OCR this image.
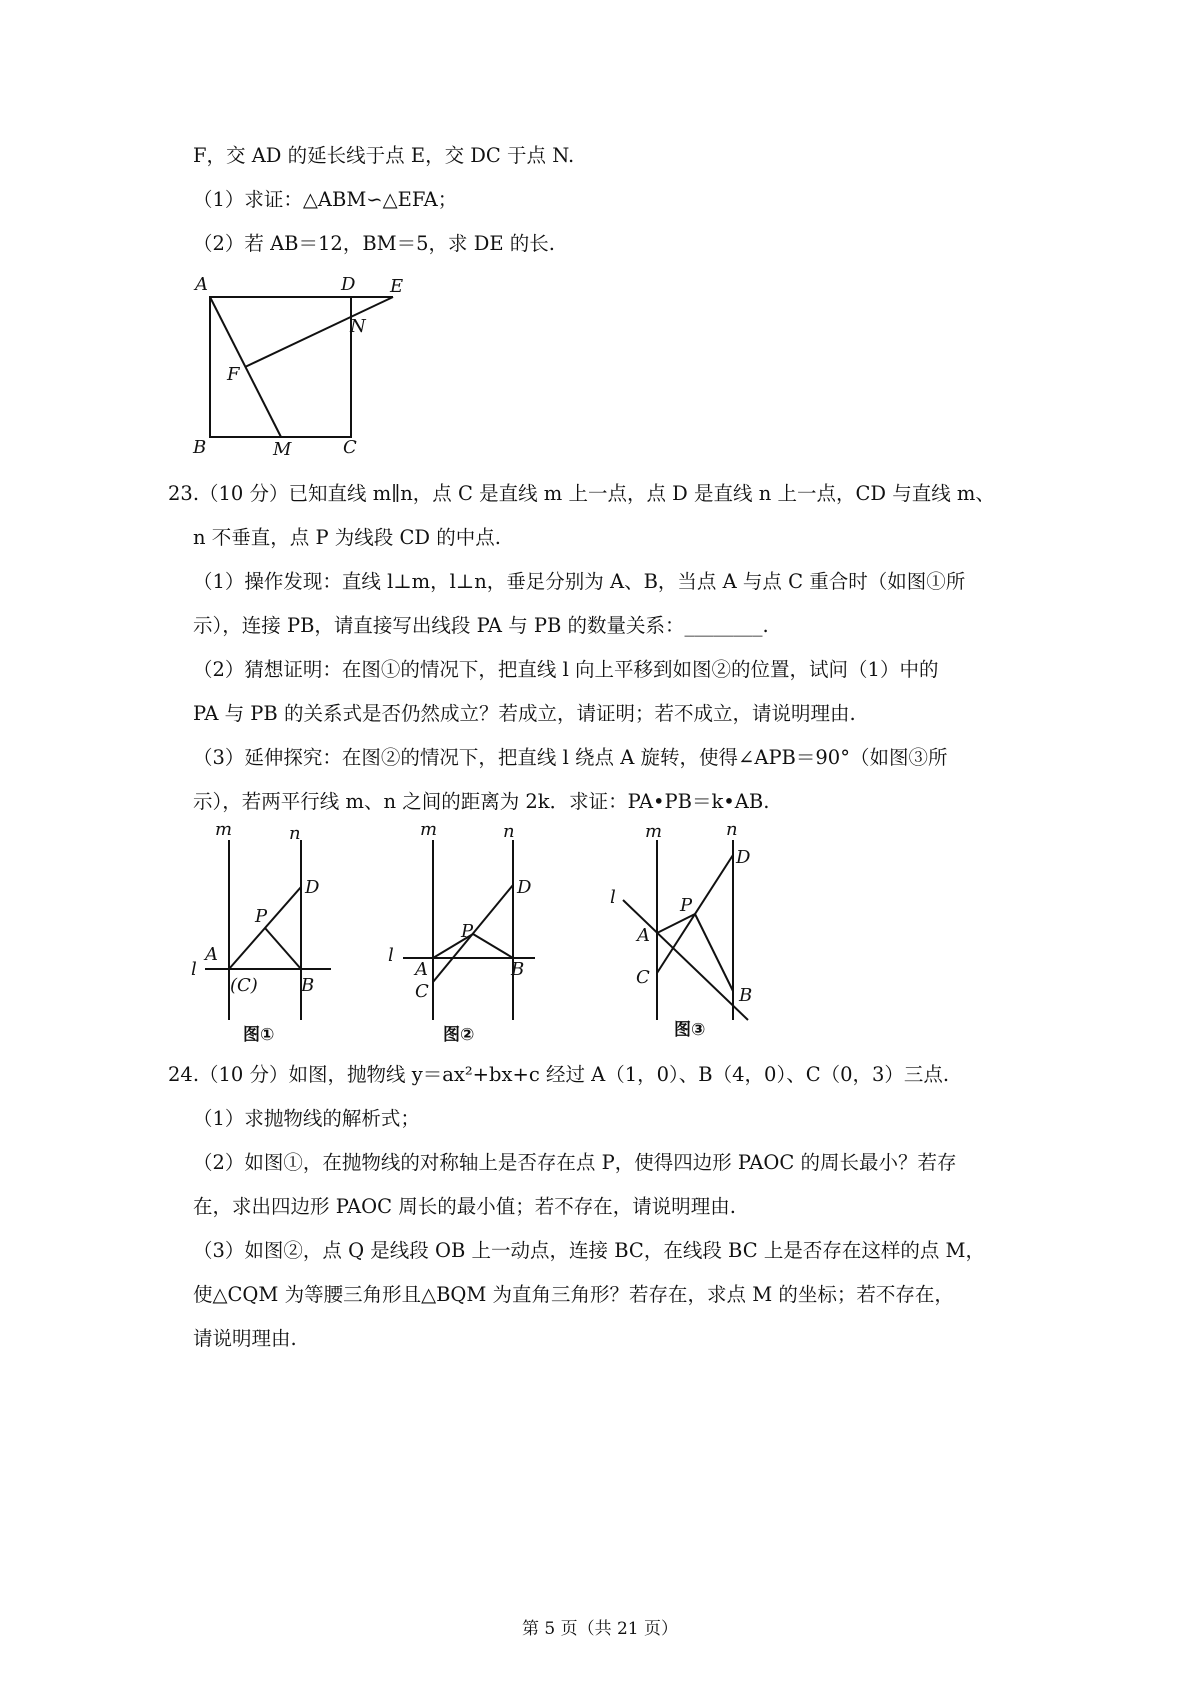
F，交 AD 的延长线于点 E，交 DC 于点 N.
（1）求证：△ABM∽△EFA；
（2）若 AB＝12，BM＝5，求 DE 的长.
A	D E
N
F
B	M	C
23.（10 分）已知直线 m∥n，点 C 是直线 m 上一点，点 D 是直线 n 上一点，CD 与直线 m、
n 不垂直，点 P 为线段 CD 的中点.
（1）操作发现：直线 l⊥m，l⊥n，垂足分别为 A、B，当点 A 与点 C 重合时（如图①所
示），连接 PB，请直接写出线段 PA 与 PB 的数量关系：________.
（2）猜想证明：在图①的情况下，把直线 l 向上平移到如图②的位置，试问（1）中的
PA 与 PB 的关系式是否仍然成立？若成立，请证明；若不成立，请说明理由.
（3）延伸探究：在图②的情况下，把直线 l 绕点 A 旋转，使得∠APB＝90°（如图③所
示），若两平行线 m、n 之间的距离为 2k．求证：PA•PB＝k•AB.
m	n
D
P
A
l
(C) B
图①
m	n
D
P
l
A	B
C
图②
m	n
D
l	P
A
C
B
图③
24.（10 分）如图，抛物线 y＝ax²+bx+c 经过 A（1，0）、B（4，0）、C（0，3）三点.
（1）求抛物线的解析式；
（2）如图①，在抛物线的对称轴上是否存在点 P，使得四边形 PAOC 的周长最小？若存
在，求出四边形 PAOC 周长的最小值；若不存在，请说明理由.
（3）如图②，点 Q 是线段 OB 上一动点，连接 BC，在线段 BC 上是否存在这样的点 M，
使△CQM 为等腰三角形且△BQM 为直角三角形？若存在，求点 M 的坐标；若不存在，
请说明理由.
第 5 页（共 21 页）
